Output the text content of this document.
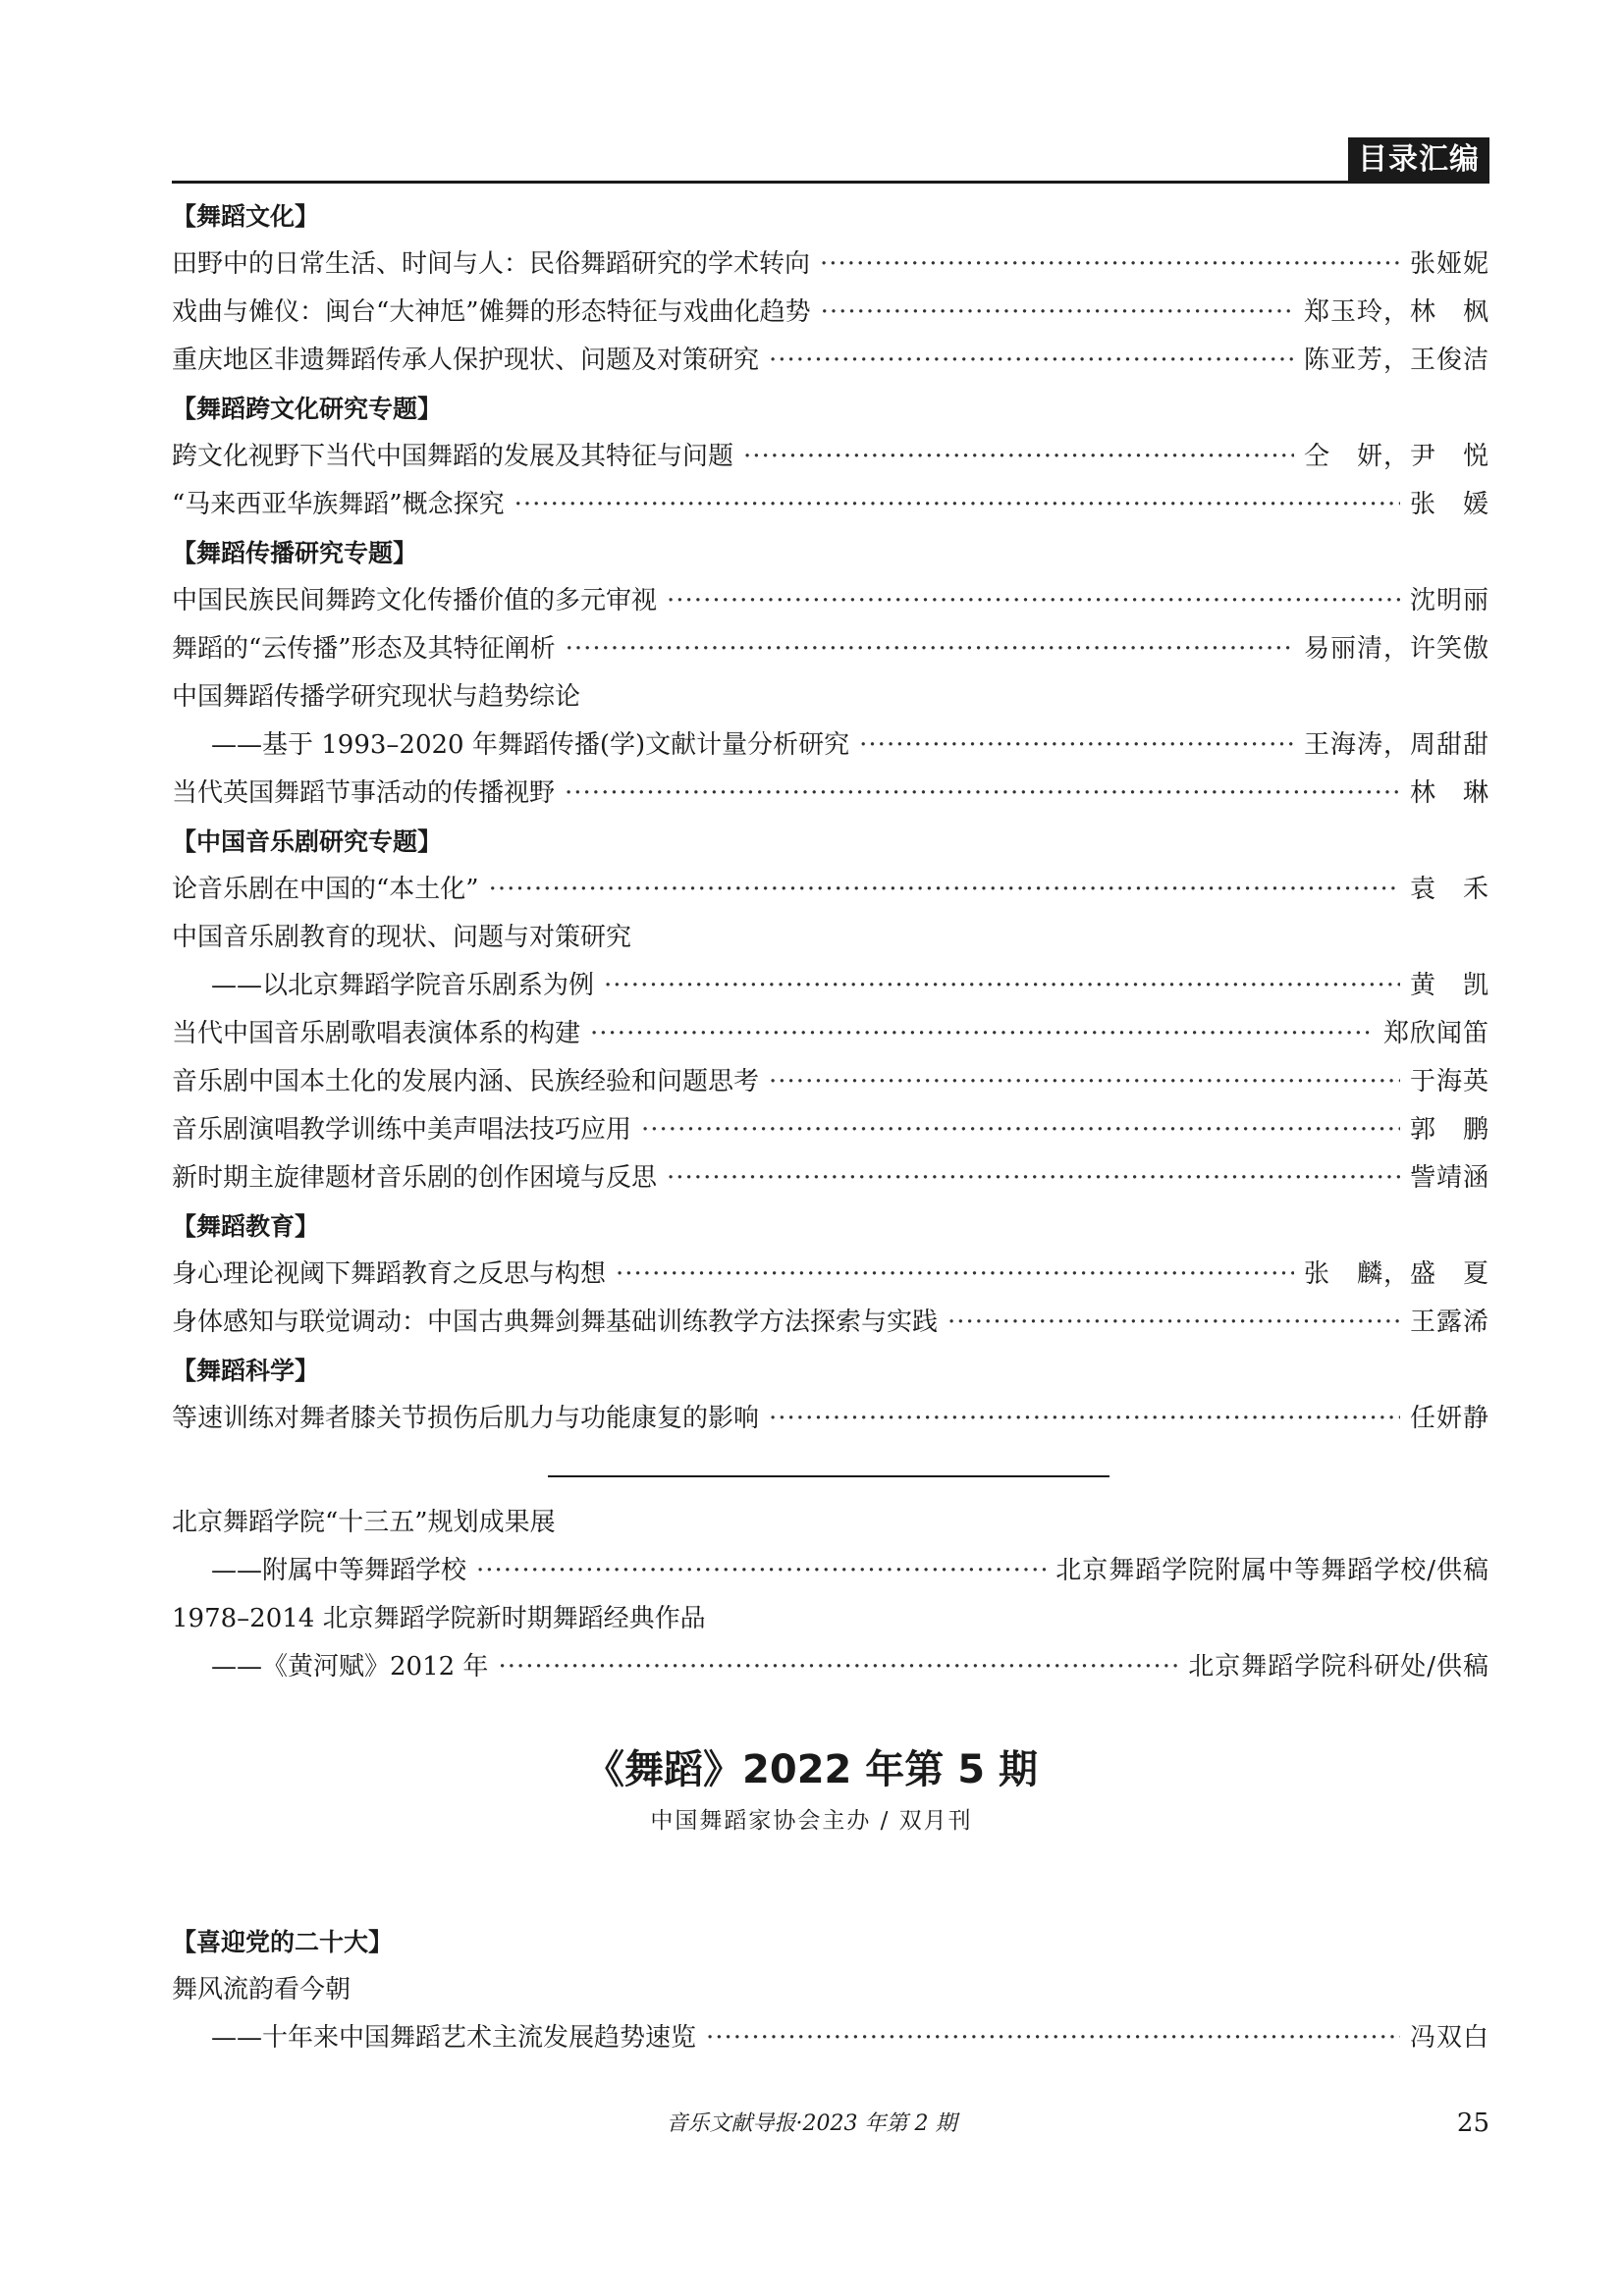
目录汇编
【舞蹈文化】
田野中的日常生活、时间与人：民俗舞蹈研究的学术转向 ·····	张娅妮
戏曲与傩仪：闽台“大神尪”傩舞的形态特征与戏曲化趋势 ·····	郑玉玲，林　枫
重庆地区非遗舞蹈传承人保护现状、问题及对策研究 ·····	陈亚芳，王俊洁
【舞蹈跨文化研究专题】
跨文化视野下当代中国舞蹈的发展及其特征与问题 ·····	仝　妍，尹　悦
“马来西亚华族舞蹈”概念探究 ·····	张　媛
【舞蹈传播研究专题】
中国民族民间舞跨文化传播价值的多元审视 ·····	沈明丽
舞蹈的“云传播”形态及其特征阐析 ·····	易丽清，许笑傲
中国舞蹈传播学研究现状与趋势综论
——基于 1993–2020 年舞蹈传播(学)文献计量分析研究 ·····	王海涛，周甜甜
当代英国舞蹈节事活动的传播视野 ·····	林　琳
【中国音乐剧研究专题】
论音乐剧在中国的“本土化” ·····	袁　禾
中国音乐剧教育的现状、问题与对策研究
——以北京舞蹈学院音乐剧系为例 ·····	黄　凯
当代中国音乐剧歌唱表演体系的构建 ·····	郑欣闻笛
音乐剧中国本土化的发展内涵、民族经验和问题思考 ·····	于海英
音乐剧演唱教学训练中美声唱法技巧应用 ·····	郭　鹏
新时期主旋律题材音乐剧的创作困境与反思 ·····	訾靖涵
【舞蹈教育】
身心理论视阈下舞蹈教育之反思与构想 ·····	张　麟，盛　夏
身体感知与联觉调动：中国古典舞剑舞基础训练教学方法探索与实践 ·····	王露浠
【舞蹈科学】
等速训练对舞者膝关节损伤后肌力与功能康复的影响 ·····	任妍静
北京舞蹈学院“十三五”规划成果展
——附属中等舞蹈学校 ·····	北京舞蹈学院附属中等舞蹈学校/供稿
1978–2014 北京舞蹈学院新时期舞蹈经典作品
——《黄河赋》2012 年 ·····	北京舞蹈学院科研处/供稿
《舞蹈》2022 年第 5 期
中国舞蹈家协会主办 / 双月刊
【喜迎党的二十大】
舞风流韵看今朝
——十年来中国舞蹈艺术主流发展趋势速览 ·····	冯双白
音乐文献导报·2023 年第 2 期	25
